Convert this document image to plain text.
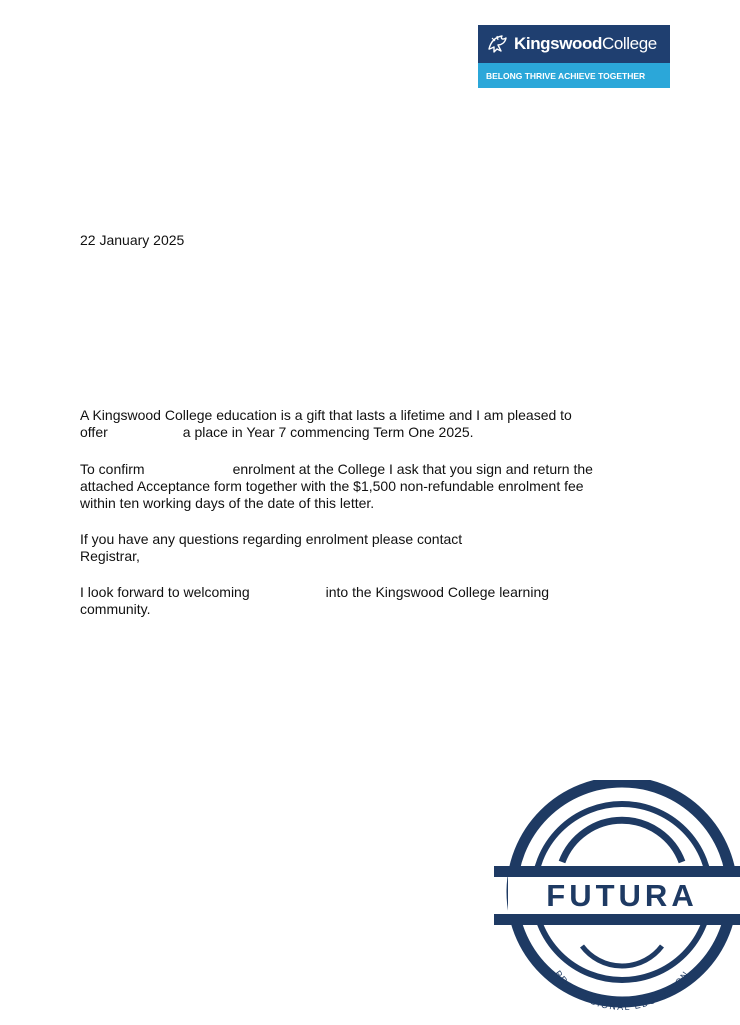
KingswoodCollege
BELONG THRIVE ACHIEVE TOGETHER
22 January 2025
A Kingswood College education is a gift that lasts a lifetime and I am pleased to
offer	a place in Year 7 commencing Term One 2025.
To confirm	enrolment at the College I ask that you sign and return the
attached Acceptance form together with the $1,500 non-refundable enrolment fee
within ten working days of the date of this letter.
If you have any questions regarding enrolment please contact
Registrar,
I look forward to welcoming	into the Kingswood College learning
community.
FUTURA
PROFESSIONAL EDUCATION
